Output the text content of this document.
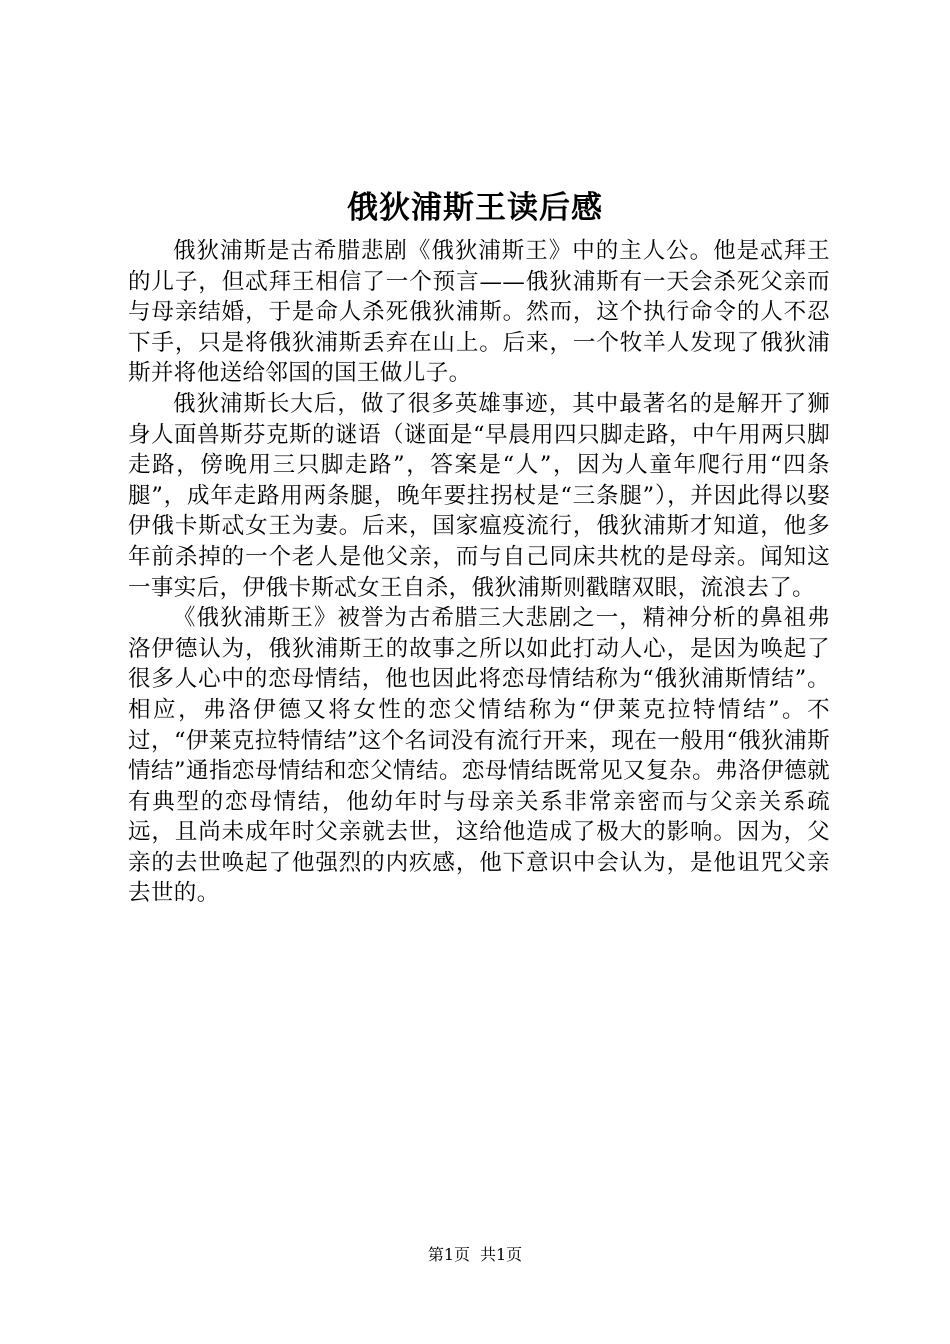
俄狄浦斯王读后感

俄狄浦斯是古希腊悲剧《俄狄浦斯王》中的主人公。他是忒拜王的儿子，但忒拜王相信了一个预言——俄狄浦斯有一天会杀死父亲而与母亲结婚，于是命人杀死俄狄浦斯。然而，这个执行命令的人不忍下手，只是将俄狄浦斯丢弃在山上。后来，一个牧羊人发现了俄狄浦斯并将他送给邻国的国王做儿子。

俄狄浦斯长大后，做了很多英雄事迹，其中最著名的是解开了狮身人面兽斯芬克斯的谜语（谜面是“早晨用四只脚走路，中午用两只脚走路，傍晚用三只脚走路”，答案是“人”，因为人童年爬行用“四条腿”，成年走路用两条腿，晚年要拄拐杖是“三条腿”），并因此得以娶伊俄卡斯忒女王为妻。后来，国家瘟疫流行，俄狄浦斯才知道，他多年前杀掉的一个老人是他父亲，而与自己同床共枕的是母亲。闻知这一事实后，伊俄卡斯忒女王自杀，俄狄浦斯则戳瞎双眼，流浪去了。

《俄狄浦斯王》被誉为古希腊三大悲剧之一，精神分析的鼻祖弗洛伊德认为，俄狄浦斯王的故事之所以如此打动人心，是因为唤起了很多人心中的恋母情结，他也因此将恋母情结称为“俄狄浦斯情结”。相应，弗洛伊德又将女性的恋父情结称为“伊莱克拉特情结”。不过，“伊莱克拉特情结”这个名词没有流行开来，现在一般用“俄狄浦斯情结”通指恋母情结和恋父情结。恋母情结既常见又复杂。弗洛伊德就有典型的恋母情结，他幼年时与母亲关系非常亲密而与父亲关系疏远，且尚未成年时父亲就去世，这给他造成了极大的影响。因为，父亲的去世唤起了他强烈的内疚感，他下意识中会认为，是他诅咒父亲去世的。

第1页 共1页
